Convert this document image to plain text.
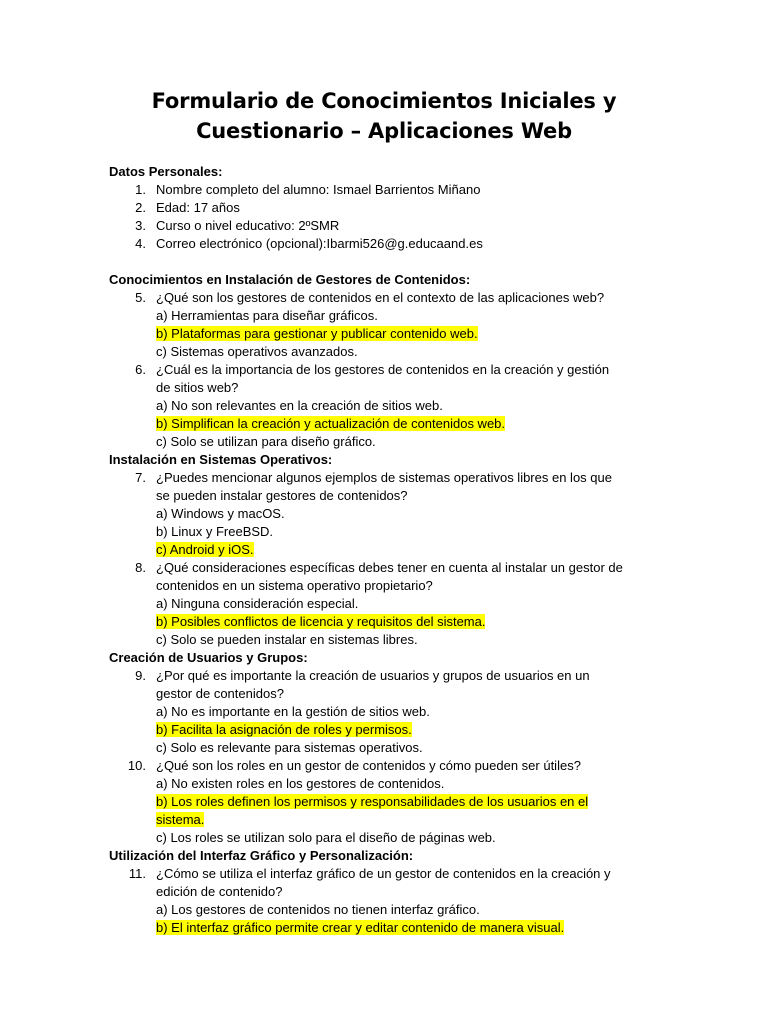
Formulario de Conocimientos Iniciales y
Cuestionario – Aplicaciones Web
Datos Personales:
1. Nombre completo del alumno: Ismael Barrientos Miñano
2. Edad: 17 años
3. Curso o nivel educativo: 2ºSMR
4. Correo electrónico (opcional):Ibarmi526@g.educaand.es
Conocimientos en Instalación de Gestores de Contenidos:
5. ¿Qué son los gestores de contenidos en el contexto de las aplicaciones web?
a) Herramientas para diseñar gráficos.
b) Plataformas para gestionar y publicar contenido web.
c) Sistemas operativos avanzados.
6. ¿Cuál es la importancia de los gestores de contenidos en la creación y gestión
de sitios web?
a) No son relevantes en la creación de sitios web.
b) Simplifican la creación y actualización de contenidos web.
c) Solo se utilizan para diseño gráfico.
Instalación en Sistemas Operativos:
7. ¿Puedes mencionar algunos ejemplos de sistemas operativos libres en los que
se pueden instalar gestores de contenidos?
a) Windows y macOS.
b) Linux y FreeBSD.
c) Android y iOS.
8. ¿Qué consideraciones específicas debes tener en cuenta al instalar un gestor de
contenidos en un sistema operativo propietario?
a) Ninguna consideración especial.
b) Posibles conflictos de licencia y requisitos del sistema.
c) Solo se pueden instalar en sistemas libres.
Creación de Usuarios y Grupos:
9. ¿Por qué es importante la creación de usuarios y grupos de usuarios en un
gestor de contenidos?
a) No es importante en la gestión de sitios web.
b) Facilita la asignación de roles y permisos.
c) Solo es relevante para sistemas operativos.
10. ¿Qué son los roles en un gestor de contenidos y cómo pueden ser útiles?
a) No existen roles en los gestores de contenidos.
b) Los roles definen los permisos y responsabilidades de los usuarios en el
sistema.
c) Los roles se utilizan solo para el diseño de páginas web.
Utilización del Interfaz Gráfico y Personalización:
11. ¿Cómo se utiliza el interfaz gráfico de un gestor de contenidos en la creación y
edición de contenido?
a) Los gestores de contenidos no tienen interfaz gráfico.
b) El interfaz gráfico permite crear y editar contenido de manera visual.
